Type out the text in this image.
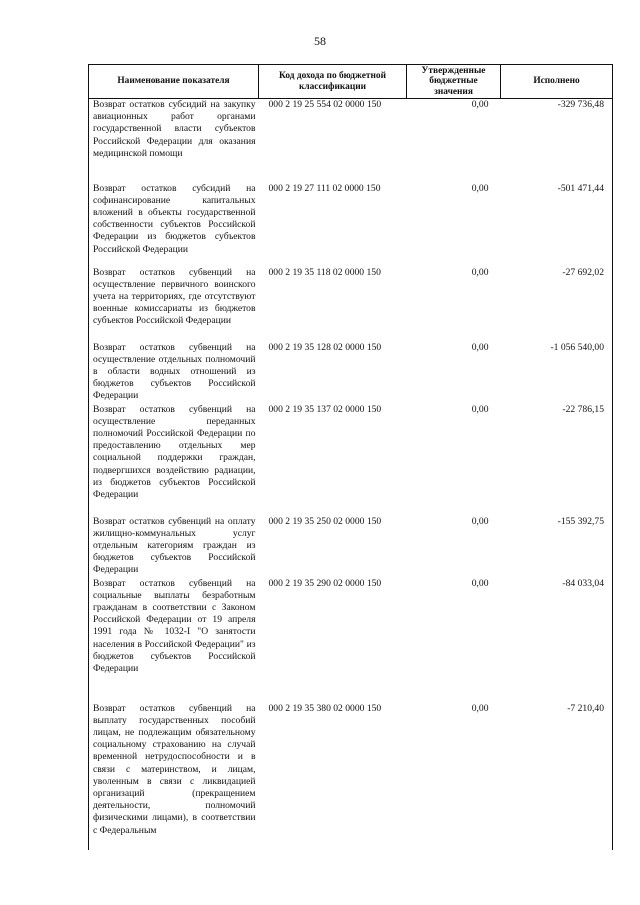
58
Наименование показателя	Код дохода по бюджетной классификации	Утвержденные бюджетные значения	Исполнено
Возврат остатков субсидий на закупку авиационных работ органами государственной власти субъектов Российской Федерации для оказания медицинской помощи	000 2 19 25 554 02 0000 150	0,00	-329 736,48
Возврат остатков субсидий на софинансирование капитальных вложений в объекты государственной собственности субъектов Российской Федерации из бюджетов субъектов Российской Федерации	000 2 19 27 111 02 0000 150	0,00	-501 471,44
Возврат остатков субвенций на осуществление первичного воинского учета на территориях, где отсутствуют военные комиссариаты из бюджетов субъектов Российской Федерации	000 2 19 35 118 02 0000 150	0,00	-27 692,02
Возврат остатков субвенций на осуществление отдельных полномочий в области водных отношений из бюджетов субъектов Российской Федерации	000 2 19 35 128 02 0000 150	0,00	-1 056 540,00
Возврат остатков субвенций на осуществление переданных полномочий Российской Федерации по предоставлению отдельных мер социальной поддержки граждан, подвергшихся воздействию радиации, из бюджетов субъектов Российской Федерации	000 2 19 35 137 02 0000 150	0,00	-22 786,15
Возврат остатков субвенций на оплату жилищно-коммунальных услуг отдельным категориям граждан из бюджетов субъектов Российской Федерации	000 2 19 35 250 02 0000 150	0,00	-155 392,75
Возврат остатков субвенций на социальные выплаты безработным гражданам в соответствии с Законом Российской Федерации от 19 апреля 1991 года № 1032-I "О занятости населения в Российской Федерации" из бюджетов субъектов Российской Федерации	000 2 19 35 290 02 0000 150	0,00	-84 033,04
Возврат остатков субвенций на выплату государственных пособий лицам, не подлежащим обязательному социальному страхованию на случай временной нетрудоспособности и в связи с материнством, и лицам, уволенным в связи с ликвидацией организаций (прекращением деятельности, полномочий физическими лицами), в соответствии с Федеральным	000 2 19 35 380 02 0000 150	0,00	-7 210,40
